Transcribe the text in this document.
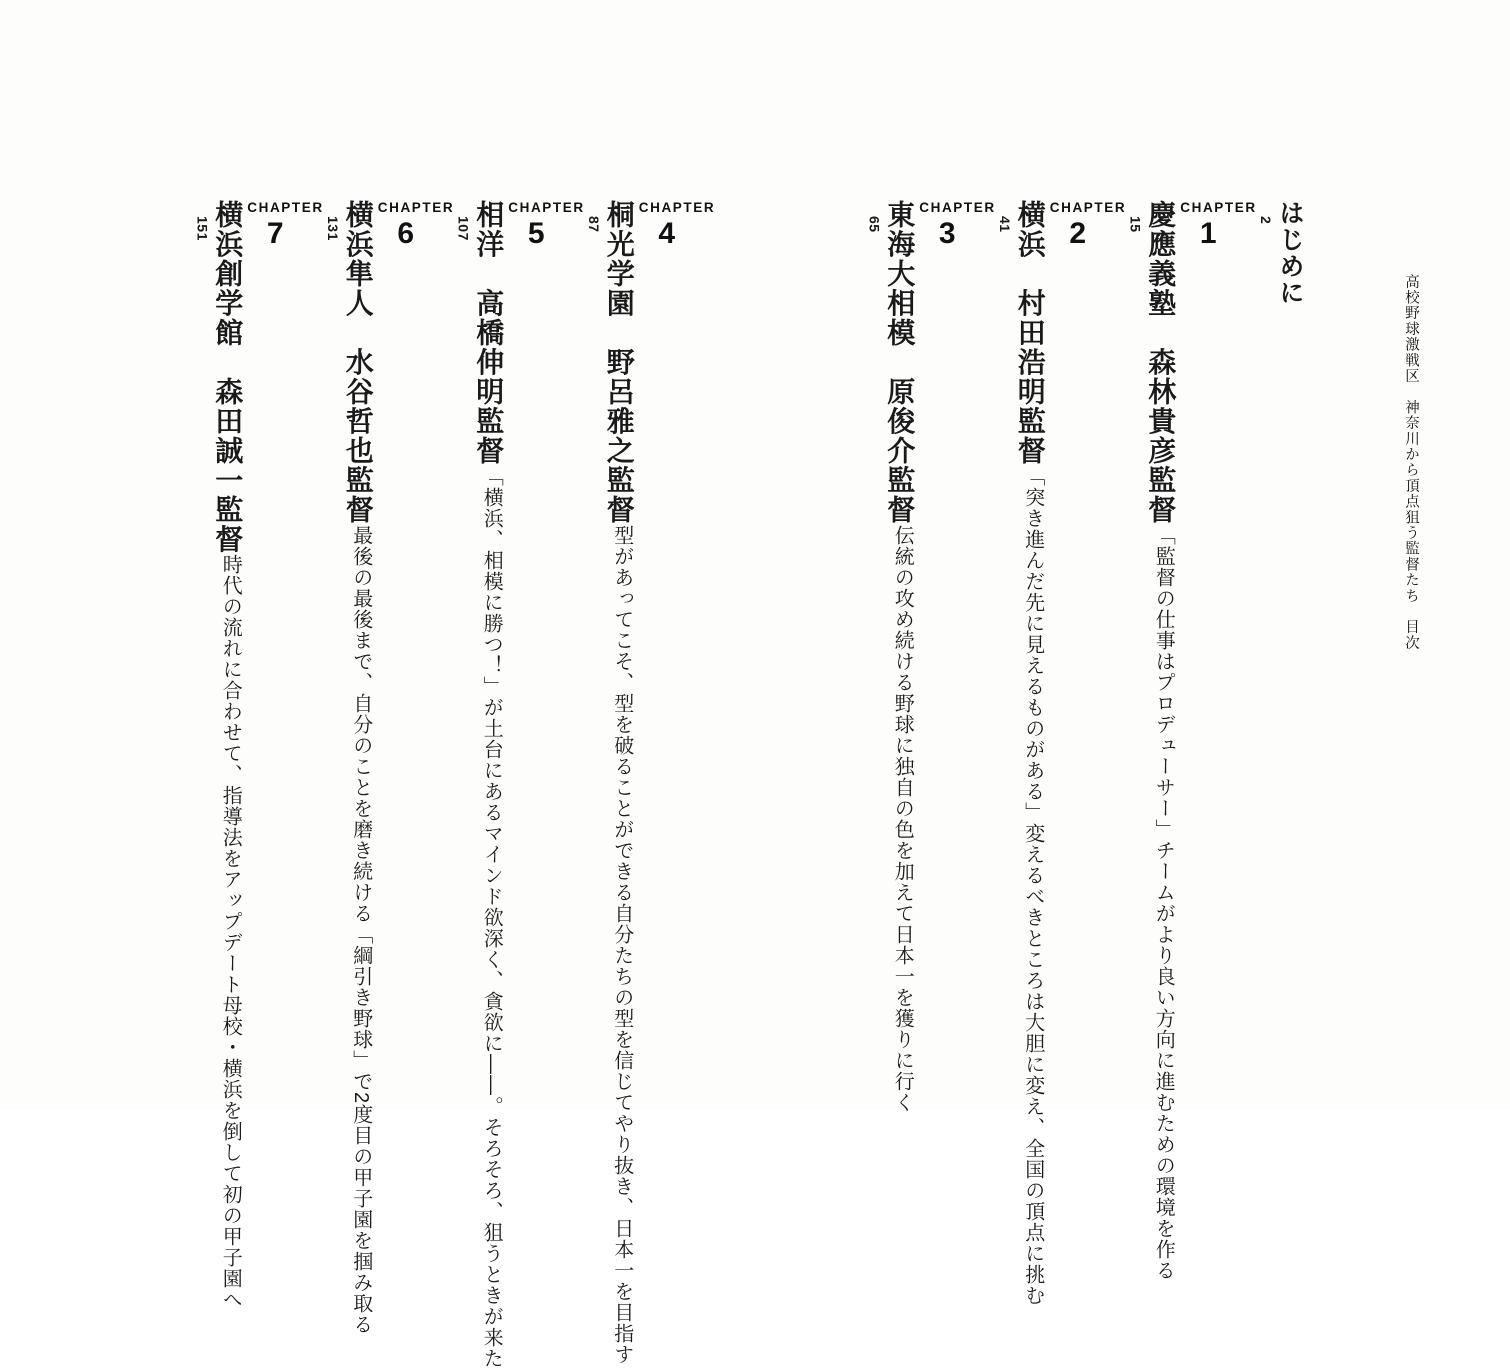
高校野球激戦区　神奈川から頂点狙う監督たち　目次
はじめに
2
CHAPTER
1
慶應義塾　森林貴彦監督
15
「監督の仕事はプロデューサー」
チームがより良い方向に進むための環境を作る
CHAPTER
2
横浜　村田浩明監督
41
「突き進んだ先に見えるものがある」
変えるべきところは大胆に変え、全国の頂点に挑む
CHAPTER
3
東海大相模　原俊介監督
65
伝統の攻め続ける野球に
独自の色を加えて日本一を獲りに行く
CHAPTER
4
桐光学園　野呂雅之監督
87
型があってこそ、型を破ることができる
自分たちの型を信じてやり抜き、日本一を目指す
CHAPTER
5
相洋　高橋伸明監督
107
「横浜、相模に勝つ！」が土台にあるマインド
欲深く、貪欲に——。そろそろ、狙うときが来た
CHAPTER
6
横浜隼人　水谷哲也監督
131
最後の最後まで、自分のことを磨き続ける
「綱引き野球」で2度目の甲子園を掴み取る
CHAPTER
7
横浜創学館　森田誠一監督
151
時代の流れに合わせて、指導法をアップデート
母校・横浜を倒して初の甲子園へ
